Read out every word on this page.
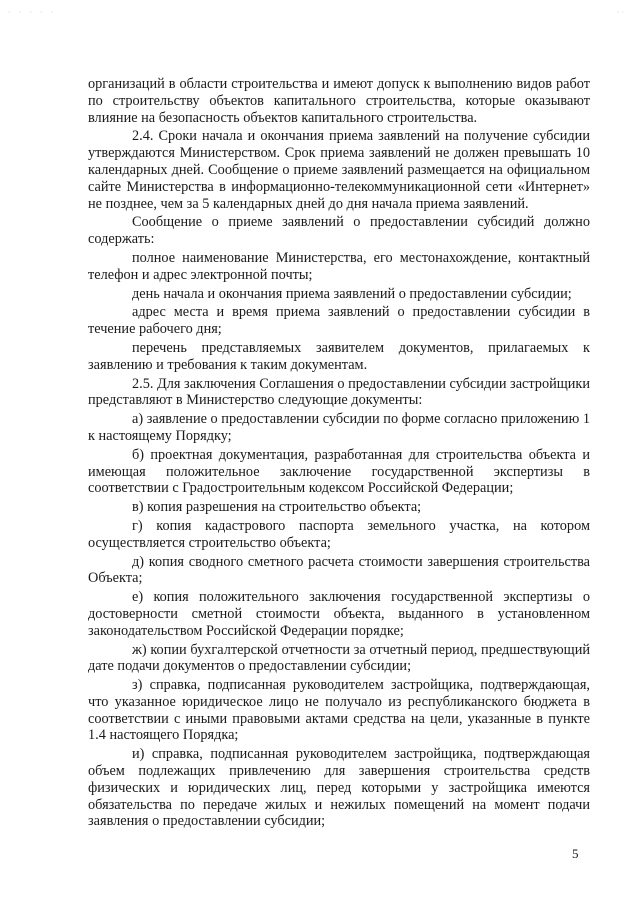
· · · · ·	· ·

организаций в области строительства и имеют допуск к выполнению видов работ по строительству объектов капитального строительства, которые оказывают влияние на безопасность объектов капитального строительства.

2.4. Сроки начала и окончания приема заявлений на получение субсидии утверждаются Министерством. Срок приема заявлений не должен превышать 10 календарных дней. Сообщение о приеме заявлений размещается на официальном сайте Министерства в информационно-телекоммуникационной сети «Интернет» не позднее, чем за 5 календарных дней до дня начала приема заявлений.

Сообщение о приеме заявлений о предоставлении субсидий должно содержать:

полное наименование Министерства, его местонахождение, контактный телефон и адрес электронной почты;

день начала и окончания приема заявлений о предоставлении субсидии;

адрес места и время приема заявлений о предоставлении субсидии в течение рабочего дня;

перечень представляемых заявителем документов, прилагаемых к заявлению и требования к таким документам.

2.5. Для заключения Соглашения о предоставлении субсидии застройщики представляют в Министерство следующие документы:

а) заявление о предоставлении субсидии по форме согласно приложению 1 к настоящему Порядку;

б) проектная документация, разработанная для строительства объекта и имеющая положительное заключение государственной экспертизы в соответствии с Градостроительным кодексом Российской Федерации;

в) копия разрешения на строительство объекта;

г) копия кадастрового паспорта земельного участка, на котором осуществляется строительство объекта;

д) копия сводного сметного расчета стоимости завершения строительства Объекта;

е) копия положительного заключения государственной экспертизы о достоверности сметной стоимости объекта, выданного в установленном законодательством Российской Федерации порядке;

ж) копии бухгалтерской отчетности за отчетный период, предшествующий дате подачи документов о предоставлении субсидии;

з) справка, подписанная руководителем застройщика, подтверждающая, что указанное юридическое лицо не получало из республиканского бюджета в соответствии с иными правовыми актами средства на цели, указанные в пункте 1.4 настоящего Порядка;

и) справка, подписанная руководителем застройщика, подтверждающая объем подлежащих привлечению для завершения строительства средств физических и юридических лиц, перед которыми у застройщика имеются обязательства по передаче жилых и нежилых помещений на момент подачи заявления о предоставлении субсидии;

5
